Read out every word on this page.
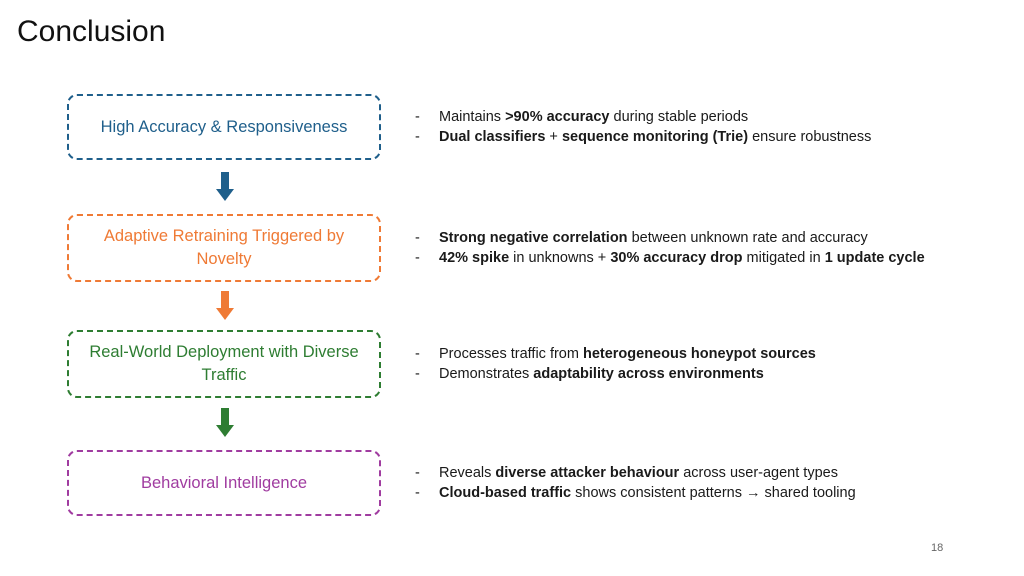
Conclusion
High Accuracy & Responsiveness
Adaptive Retraining Triggered by Novelty
Real-World Deployment with Diverse Traffic
Behavioral Intelligence
-	Maintains >90% accuracy during stable periods
-	Dual classifiers + sequence monitoring (Trie) ensure robustness
-	Strong negative correlation between unknown rate and accuracy
-	42% spike in unknowns + 30% accuracy drop mitigated in 1 update cycle
-	Processes traffic from heterogeneous honeypot sources
-	Demonstrates adaptability across environments
-	Reveals diverse attacker behaviour across user-agent types
-	Cloud-based traffic shows consistent patterns → shared tooling
18
